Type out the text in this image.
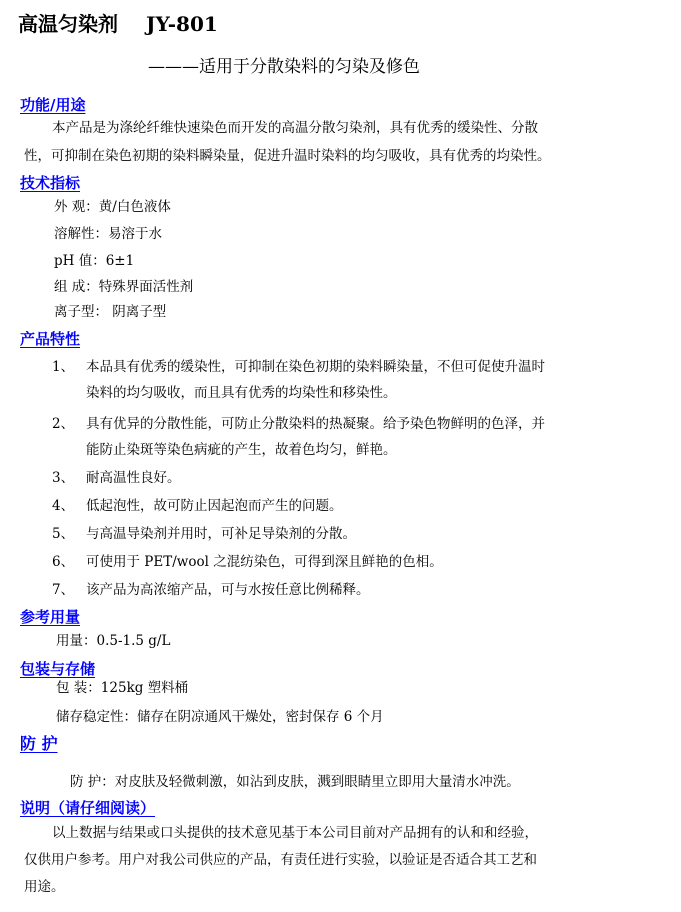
高温匀染剂 JY-801
———适用于分散染料的匀染及修色
功能/用途
本产品是为涤纶纤维快速染色而开发的高温分散匀染剂，具有优秀的缓染性、分散
性，可抑制在染色初期的染料瞬染量，促进升温时染料的均匀吸收，具有优秀的均染性。
技术指标
外 观：黄/白色液体
溶解性：易溶于水
pH 值：6±1
组 成：特殊界面活性剂
离子型： 阴离子型
产品特性
1、 本品具有优秀的缓染性，可抑制在染色初期的染料瞬染量，不但可促使升温时
染料的均匀吸收，而且具有优秀的均染性和移染性。
2、 具有优异的分散性能，可防止分散染料的热凝聚。给予染色物鲜明的色泽，并
能防止染斑等染色病疵的产生，故着色均匀，鲜艳。
3、 耐高温性良好。
4、 低起泡性，故可防止因起泡而产生的问题。
5、 与高温导染剂并用时，可补足导染剂的分散。
6、 可使用于 PET/wool 之混纺染色，可得到深且鲜艳的色相。
7、 该产品为高浓缩产品，可与水按任意比例稀释。
参考用量
用量：0.5-1.5 g/L
包装与存储
包 装：125kg 塑料桶
储存稳定性：储存在阴凉通风干燥处，密封保存 6 个月
防 护
防 护：对皮肤及轻微刺激，如沾到皮肤，溅到眼睛里立即用大量清水冲洗。
说明（请仔细阅读）
以上数据与结果或口头提供的技术意见基于本公司目前对产品拥有的认和和经验，
仅供用户参考。用户对我公司供应的产品，有责任进行实验，以验证是否适合其工艺和
用途。
